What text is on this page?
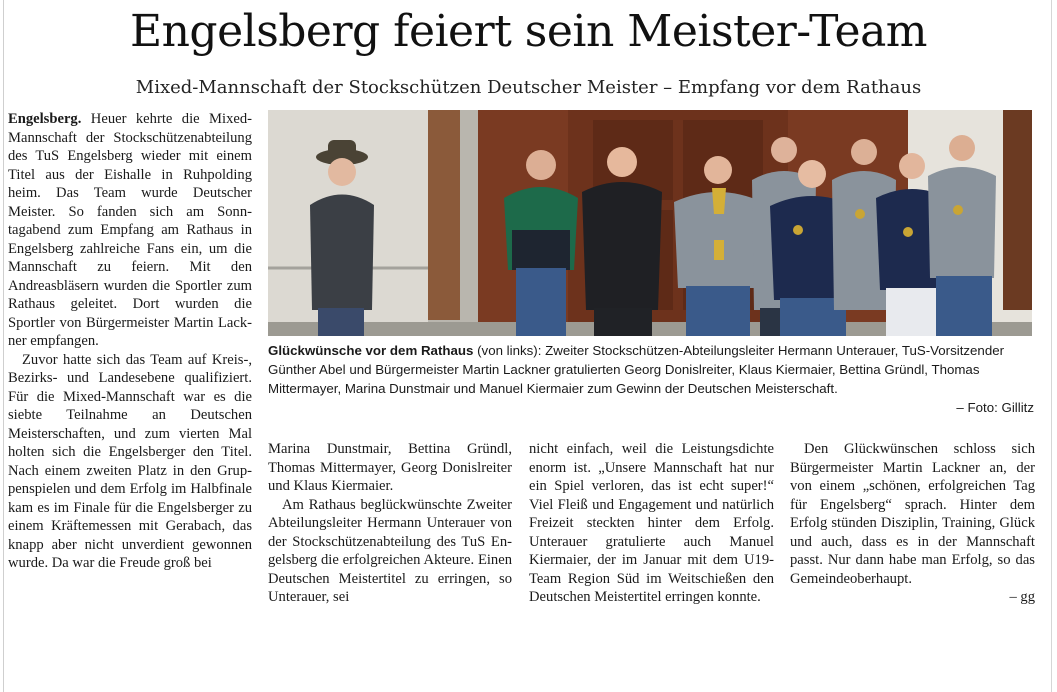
Engelsberg feiert sein Meister-Team
Mixed-Mannschaft der Stockschützen Deutscher Meister – Empfang vor dem Rathaus

Engelsberg. Heuer kehrte die Mixed-Mannschaft der Stockschützenabteilung des TuS Engelsberg wieder mit einem Titel aus der Eishalle in Ruhpolding heim. Das Team wurde Deutscher Meister. So fanden sich am Sonntagabend zum Empfang am Rathaus in Engelsberg zahlreiche Fans ein, um die Mannschaft zu feiern. Mit den Andreasbläsern wurden die Sportler zum Rathaus geleitet. Dort wurden die Sportler von Bürgermeister Martin Lackner empfangen.

Zuvor hatte sich das Team auf Kreis-, Bezirks- und Landesebene qualifiziert. Für die Mixed-Mannschaft war es die siebte Teilnahme an Deutschen Meisterschaften, und zum vierten Mal holten sich die Engelsberger den Titel. Nach einem zweiten Platz in den Gruppenspielen und dem Erfolg im Halbfinale kam es im Finale für die Engelsberger zu einem Kräftemessen mit Gerabach, das knapp aber nicht unverdient gewonnen wurde. Da war die Freude groß bei

Glückwünsche vor dem Rathaus (von links): Zweiter Stockschützen-Abteilungsleiter Hermann Unterauer, TuS-Vorsitzender Günther Abel und Bürgermeister Martin Lackner gratulierten Georg Donislreiter, Klaus Kiermaier, Bettina Gründl, Thomas Mittermayer, Marina Dunstmair und Manuel Kiermaier zum Gewinn der Deutschen Meisterschaft.
– Foto: Gillitz

Marina Dunstmair, Bettina Gründl, Thomas Mittermayer, Georg Donislreiter und Klaus Kiermaier.

Am Rathaus beglückwünschte Zweiter Abteilungsleiter Hermann Unterauer von der Stockschützenabteilung des TuS Engelsberg die erfolgreichen Akteure. Einen Deutschen Meistertitel zu erringen, so Unterauer, sei

nicht einfach, weil die Leistungsdichte enorm ist. „Unsere Mannschaft hat nur ein Spiel verloren, das ist echt super!“ Viel Fleiß und Engagement und natürlich Freizeit steckten hinter dem Erfolg. Unterauer gratulierte auch Manuel Kiermaier, der im Januar mit dem U19-Team Region Süd im Weitschießen den Deutschen Meistertitel erringen konnte.

Den Glückwünschen schloss sich Bürgermeister Martin Lackner an, der von einem „schönen, erfolgreichen Tag für Engelsberg“ sprach. Hinter dem Erfolg stünden Disziplin, Training, Glück und auch, dass es in der Mannschaft passt. Nur dann habe man Erfolg, so das Gemeindeoberhaupt.

– gg
